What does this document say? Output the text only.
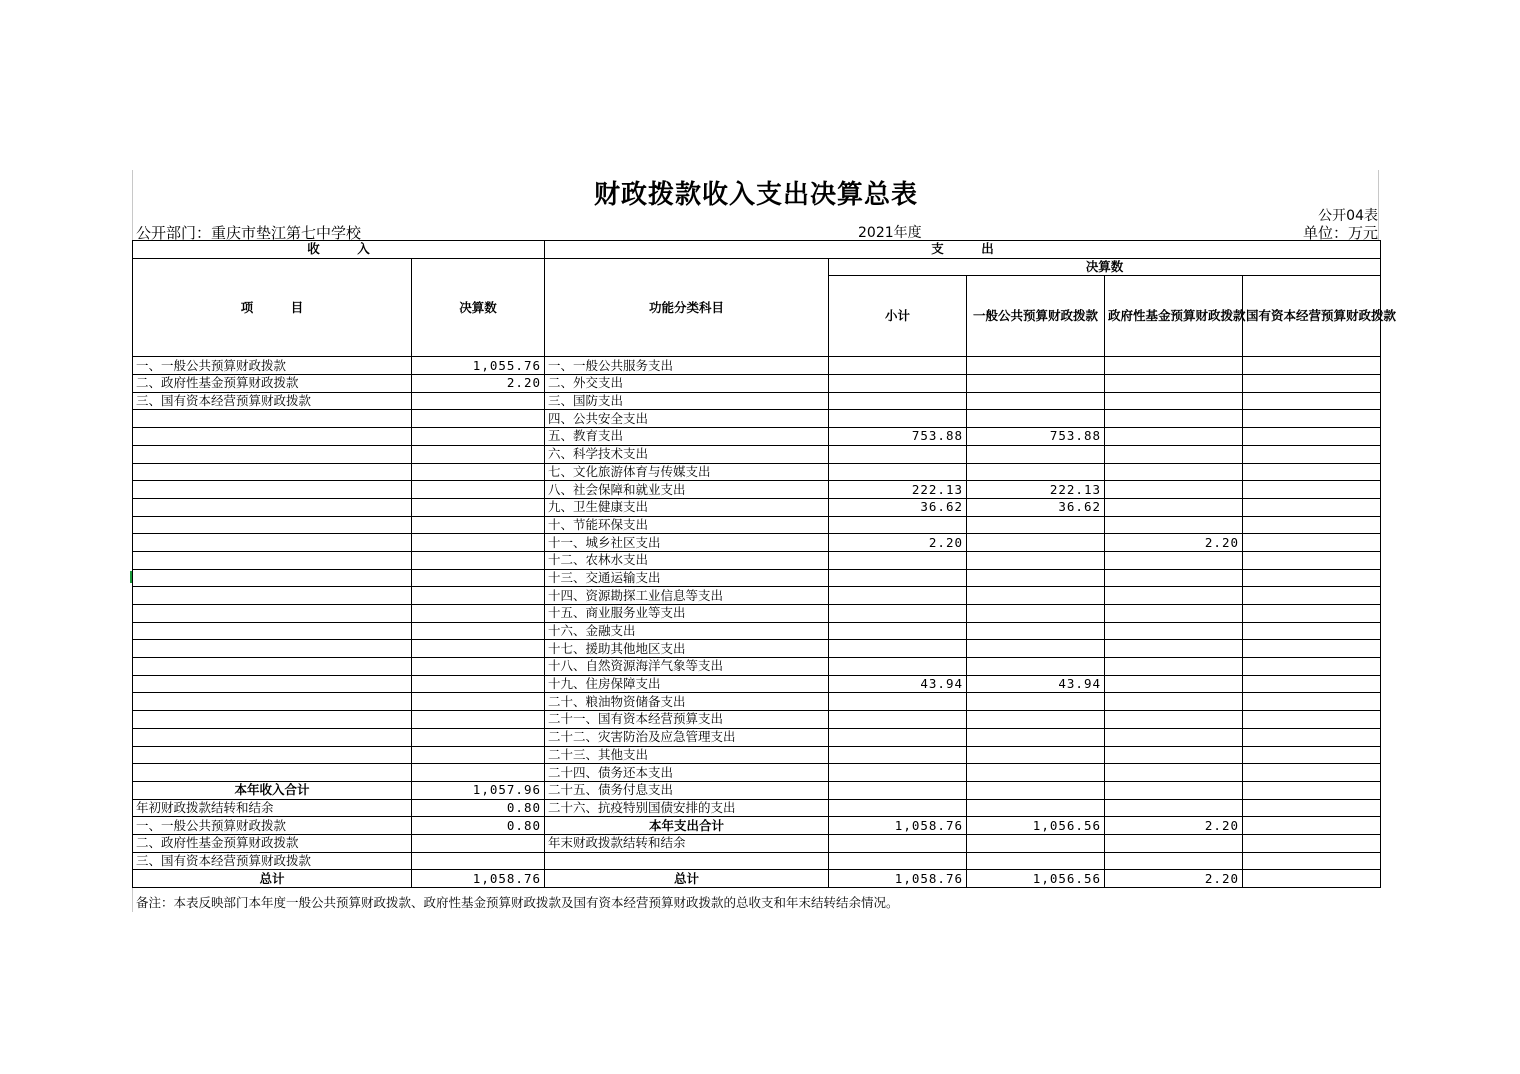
财政拨款收入支出决算总表
公开04表
公开部门：重庆市垫江第七中学校	2021年度	单位：万元
收　　　入		支　　　出				
项　　　目	决算数	功能分类科目	决算数			
			小计	一般公共预算财政拨款	政府性基金预算财政拨款	国有资本经营预算财政拨款
一、一般公共预算财政拨款	1,055.76	一、一般公共服务支出				
二、政府性基金预算财政拨款	2.20	二、外交支出				
三、国有资本经营预算财政拨款		三、国防支出				
		四、公共安全支出				
		五、教育支出	753.88	753.88		
		六、科学技术支出				
		七、文化旅游体育与传媒支出				
		八、社会保障和就业支出	222.13	222.13		
		九、卫生健康支出	36.62	36.62		
		十、节能环保支出				
		十一、城乡社区支出	2.20		2.20	
		十二、农林水支出				
		十三、交通运输支出				
		十四、资源勘探工业信息等支出				
		十五、商业服务业等支出				
		十六、金融支出				
		十七、援助其他地区支出				
		十八、自然资源海洋气象等支出				
		十九、住房保障支出	43.94	43.94		
		二十、粮油物资储备支出				
		二十一、国有资本经营预算支出				
		二十二、灾害防治及应急管理支出				
		二十三、其他支出				
		二十四、债务还本支出				
本年收入合计	1,057.96	二十五、债务付息支出				
年初财政拨款结转和结余	0.80	二十六、抗疫特别国债安排的支出				
一、一般公共预算财政拨款	0.80	本年支出合计	1,058.76	1,056.56	2.20	
二、政府性基金预算财政拨款		年末财政拨款结转和结余				
三、国有资本经营预算财政拨款						
总计	1,058.76	总计	1,058.76	1,056.56	2.20	
备注：本表反映部门本年度一般公共预算财政拨款、政府性基金预算财政拨款及国有资本经营预算财政拨款的总收支和年末结转结余情况。
